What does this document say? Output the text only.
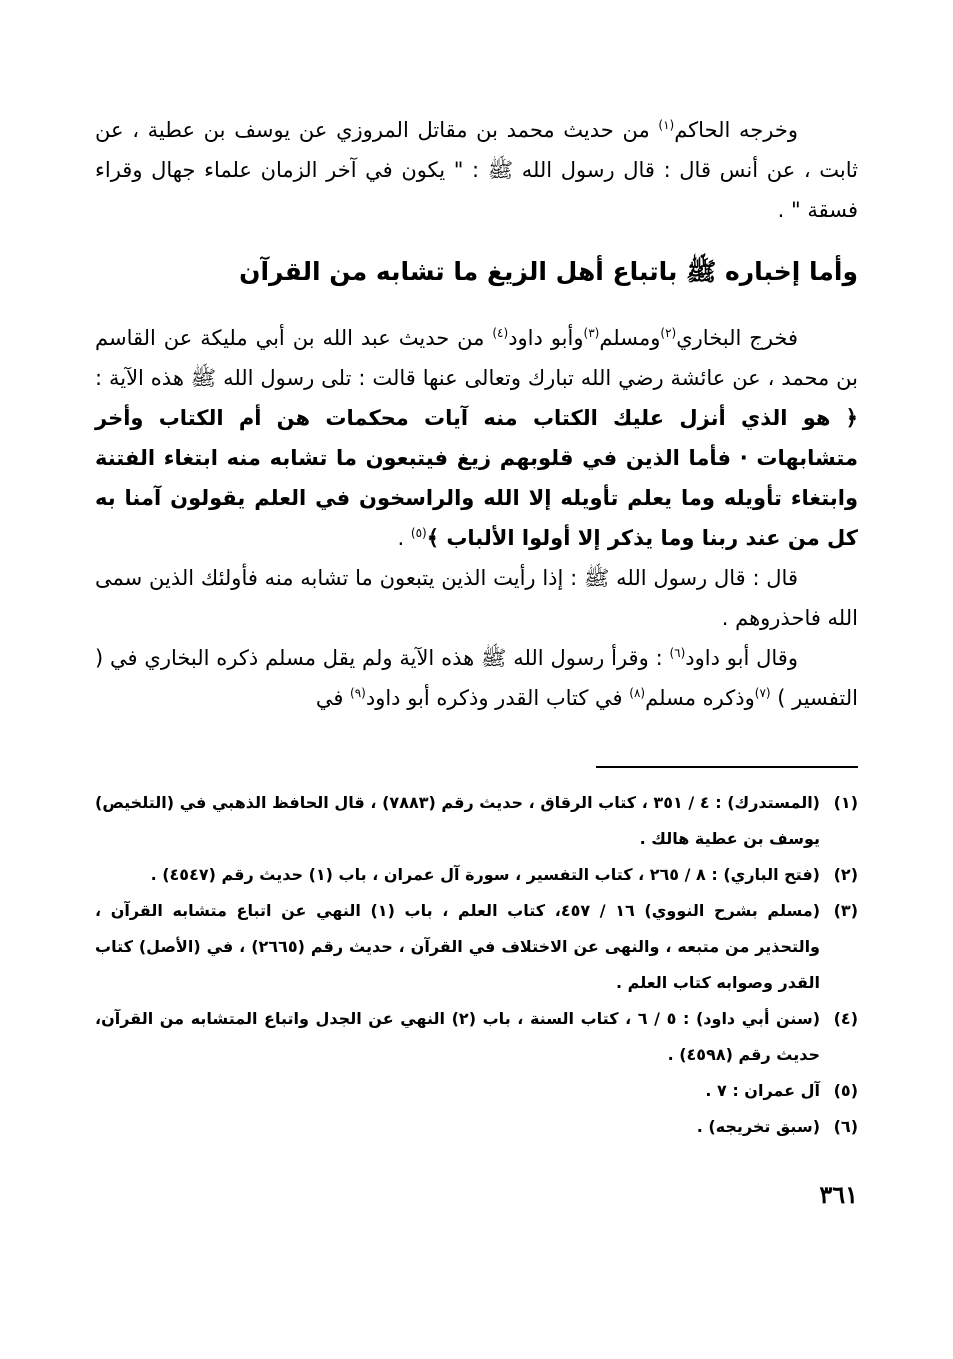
وخرجه الحاكم$^{(١)}$ من حديث محمد بن مقاتل المروزي عن يوسف بن عطية ، عن ثابت ، عن أنس قال : قال رسول الله ﷺ : " يكون في آخر الزمان علماء جهال وقراء فسقة " .

وأما إخباره ﷺ باتباع أهل الزيغ ما تشابه من القرآن

فخرج البخاري$^{(٢)}$ومسلم$^{(٣)}$وأبو داود$^{(٤)}$ من حديث عبد الله بن أبي مليكة عن القاسم بن محمد ، عن عائشة رضي الله تبارك وتعالى عنها قالت : تلى رسول الله ﷺ هذه الآية : ﴿ هو الذي أنزل عليك الكتاب منه آيات محكمات هن أم الكتاب وأخر متشابهات · فأما الذين في قلوبهم زيغ فيتبعون ما تشابه منه ابتغاء الفتنة وابتغاء تأويله وما يعلم تأويله إلا الله والراسخون في العلم يقولون آمنا به كل من عند ربنا وما يذكر إلا أولوا الألباب ﴾$^{(٥)}$ .

قال : قال رسول الله ﷺ : إذا رأيت الذين يتبعون ما تشابه منه فأولئك الذين سمى الله فاحذروهم .

وقال أبو داود$^{(٦)}$ : وقرأ رسول الله ﷺ هذه الآية ولم يقل مسلم ذكره البخاري في ( التفسير ) $^{(٧)}$وذكره مسلم$^{(٨)}$ في كتاب القدر وذكره أبو داود$^{(٩)}$ في

(١)
(المستدرك) : ٤ / ٣٥١ ، كتاب الرقاق ، حديث رقم (٧٨٨٣) ، قال الحافظ الذهبي في (التلخيص) يوسف بن عطية هالك .
(٢)
(فتح الباري) : ٨ / ٢٦٥ ، كتاب التفسير ، سورة آل عمران ، باب (١) حديث رقم (٤٥٤٧) .
(٣)
(مسلم بشرح النووي) ١٦ / ٤٥٧، كتاب العلم ، باب (١) النهي عن اتباع متشابه القرآن ، والتحذير من متبعه ، والنهى عن الاختلاف في القرآن ، حديث رقم (٢٦٦٥) ، في (الأصل) كتاب القدر وصوابه كتاب العلم .
(٤)
(سنن أبي داود) : ٥ / ٦ ، كتاب السنة ، باب (٢) النهي عن الجدل واتباع المتشابه من القرآن، حديث رقم (٤٥٩٨) .
(٥)
آل عمران : ٧ .
(٦)
(سبق تخريجه) .
٣٦١
